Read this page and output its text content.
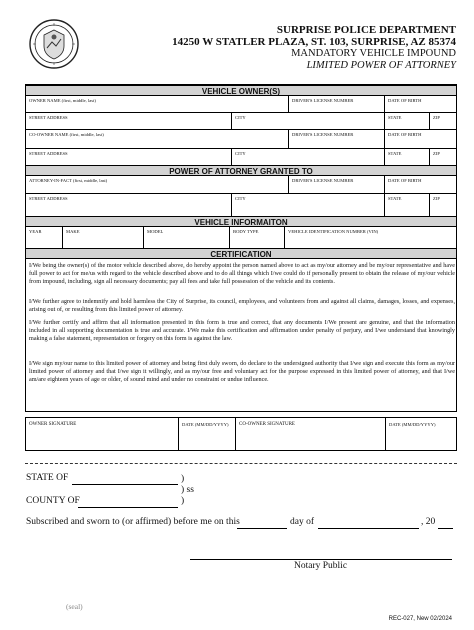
SURPRISE POLICE DEPARTMENT
14250 W STATLER PLAZA, ST. 103, SURPRISE, AZ 85374
MANDATORY VEHICLE IMPOUND
LIMITED POWER OF ATTORNEY
VEHICLE OWNER(S)
OWNER NAME (first, middle, last)	DRIVER'S LICENSE NUMBER	DATE OF BIRTH
STREET ADDRESS	CITY	STATE	ZIP
CO-OWNER NAME (first, middle, last)	DRIVER'S LICENSE NUMBER	DATE OF BIRTH
STREET ADDRESS	CITY	STATE	ZIP
POWER OF ATTORNEY GRANTED TO
ATTORNEY-IN-FACT (first, middle, last)	DRIVER'S LICENSE NUMBER	DATE OF BIRTH
STREET ADDRESS	CITY	STATE	ZIP
VEHICLE INFORMAITON
YEAR	MAKE	MODEL	BODY TYPE	VEHICLE IDENTIFICATION NUMBER (VIN)
CERTIFICATION
I/We being the owner(s) of the motor vehicle described above, do hereby appoint the person named above to act as my/our attorney and be my/our representative and have full power to act for me/us with regard to the vehicle described above and to do all things which I/we could do if personally present to obtain the release of my/our vehicle from impound, including, sign all necessary documents; pay all fees and take full possession of the vehicle and its contents.
I/We further agree to indemnify and hold harmless the City of Surprise, its council, employees, and volunteers from and against all claims, damages, losses, and expenses, arising out of, or resulting from this limited power of attorney.
I/We further certify and affirm that all information presented in this form is true and correct, that any documents I/We present are genuine, and that the information included in all supporting documentation is true and accurate. I/We make this certification and affirmation under penalty of perjury, and I/we understand that knowingly making a false statement, representation or forgery on this form is against the law.
I/We sign my/our name to this limited power of attorney and being first duly sworn, do declare to the undersigned authority that I/we sign and execute this form as my/our limited power of attorney and that I/we sign it willingly, and as my/our free and voluntary act for the purpose expressed in this limited power of attorney, and that I/we am/are eighteen years of age or older, of sound mind and under no constraint or undue influence.
OWNER SIGNATURE	DATE (MM/DD/YYYY)	CO-OWNER SIGNATURE	DATE (MM/DD/YYYY)
STATE OF	)
) ss
COUNTY OF	)
Subscribed and sworn to (or affirmed) before me on this	day of	, 20
Notary Public
(seal)
REC-027, New 02/2024
